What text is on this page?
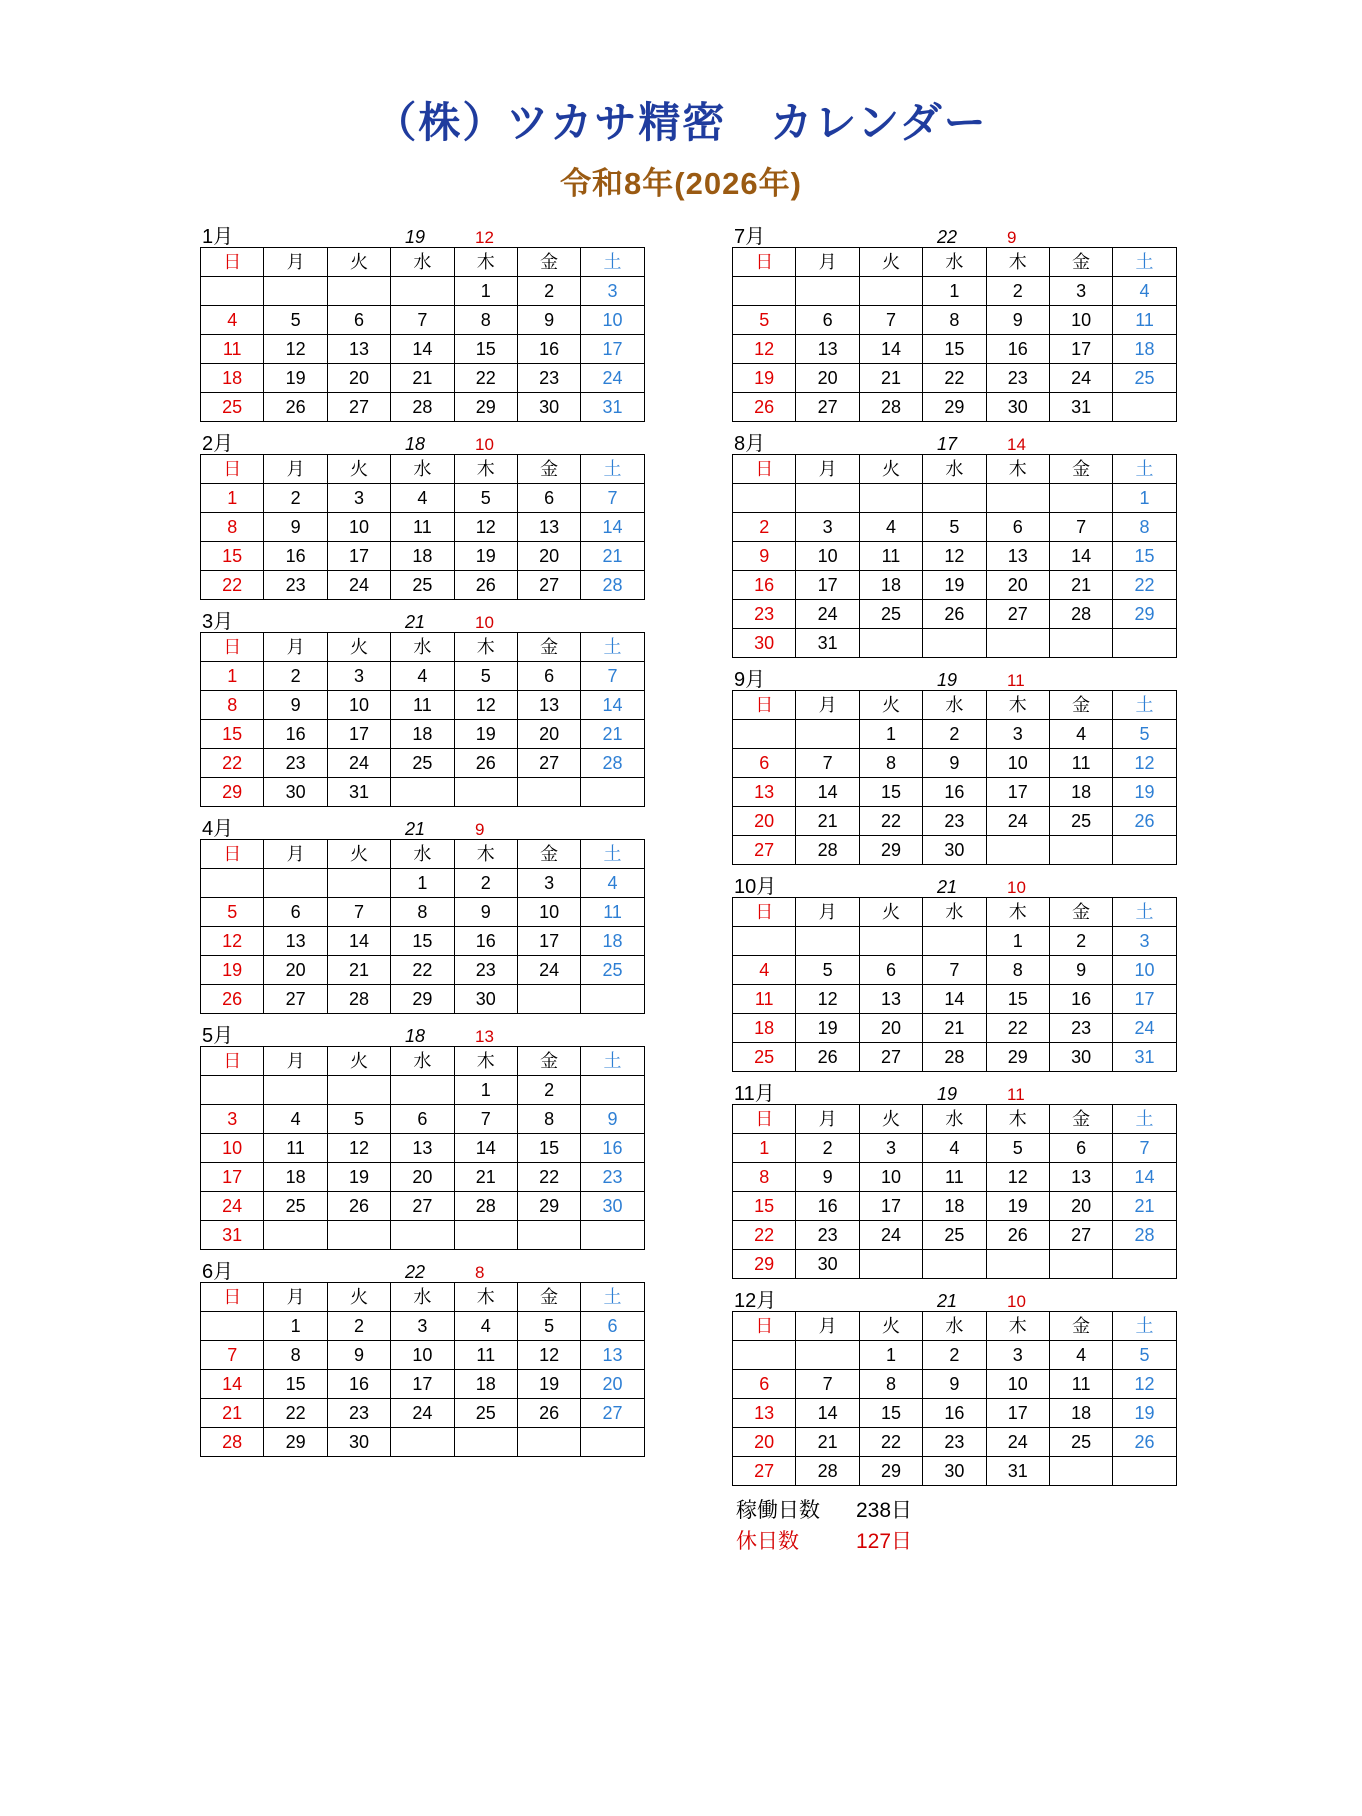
（株）ツカサ精密　カレンダー
令和8年(2026年)
1月	19	12
日	月	火	水	木	金	土
				1	2	3
4	5	6	7	8	9	10
11	12	13	14	15	16	17
18	19	20	21	22	23	24
25	26	27	28	29	30	31
2月	18	10
日	月	火	水	木	金	土
1	2	3	4	5	6	7
8	9	10	11	12	13	14
15	16	17	18	19	20	21
22	23	24	25	26	27	28
3月	21	10
日	月	火	水	木	金	土
1	2	3	4	5	6	7
8	9	10	11	12	13	14
15	16	17	18	19	20	21
22	23	24	25	26	27	28
29	30	31				
4月	21	9
日	月	火	水	木	金	土
			1	2	3	4
5	6	7	8	9	10	11
12	13	14	15	16	17	18
19	20	21	22	23	24	25
26	27	28	29	30		
5月	18	13
日	月	火	水	木	金	土
				1	2	
3	4	5	6	7	8	9
10	11	12	13	14	15	16
17	18	19	20	21	22	23
24	25	26	27	28	29	30
31						
6月	22	8
日	月	火	水	木	金	土
	1	2	3	4	5	6
7	8	9	10	11	12	13
14	15	16	17	18	19	20
21	22	23	24	25	26	27
28	29	30				
7月	22	9
日	月	火	水	木	金	土
			1	2	3	4
5	6	7	8	9	10	11
12	13	14	15	16	17	18
19	20	21	22	23	24	25
26	27	28	29	30	31	
8月	17	14
日	月	火	水	木	金	土
						1
2	3	4	5	6	7	8
9	10	11	12	13	14	15
16	17	18	19	20	21	22
23	24	25	26	27	28	29
30	31					
9月	19	11
日	月	火	水	木	金	土
		1	2	3	4	5
6	7	8	9	10	11	12
13	14	15	16	17	18	19
20	21	22	23	24	25	26
27	28	29	30			
10月	21	10
日	月	火	水	木	金	土
				1	2	3
4	5	6	7	8	9	10
11	12	13	14	15	16	17
18	19	20	21	22	23	24
25	26	27	28	29	30	31
11月	19	11
日	月	火	水	木	金	土
1	2	3	4	5	6	7
8	9	10	11	12	13	14
15	16	17	18	19	20	21
22	23	24	25	26	27	28
29	30					
12月	21	10
日	月	火	水	木	金	土
		1	2	3	4	5
6	7	8	9	10	11	12
13	14	15	16	17	18	19
20	21	22	23	24	25	26
27	28	29	30	31		
稼働日数 238日
休日数	127日
